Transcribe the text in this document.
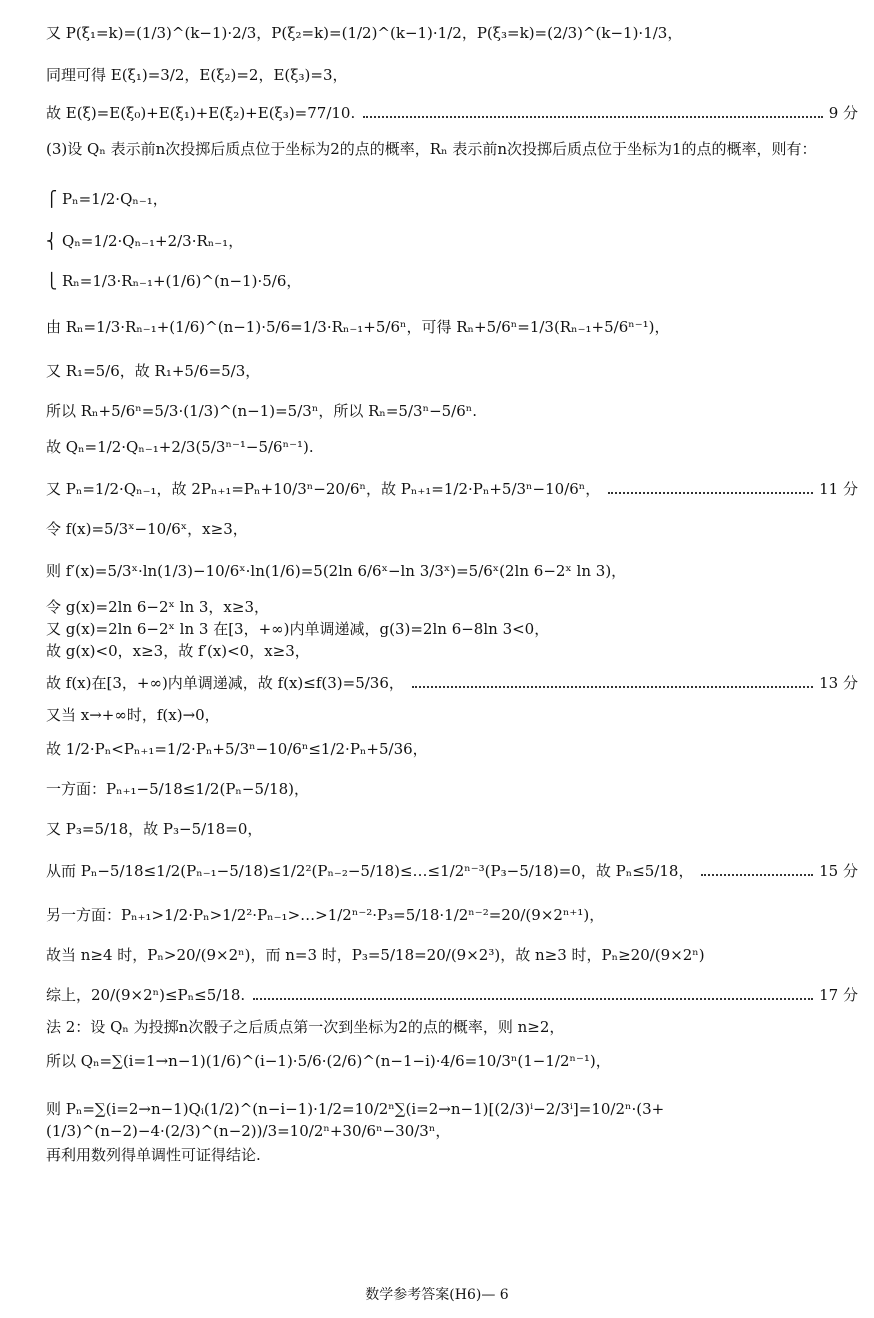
又 P(ξ₁=k)=(1/3)^(k−1)·2/3，P(ξ₂=k)=(1/2)^(k−1)·1/2，P(ξ₃=k)=(2/3)^(k−1)·1/3，
同理可得 E(ξ₁)=3/2，E(ξ₂)=2，E(ξ₃)=3，
故 E(ξ)=E(ξ₀)+E(ξ₁)+E(ξ₂)+E(ξ₃)=77/10.	9 分
(3)设 Qₙ 表示前n次投掷后质点位于坐标为2的点的概率，Rₙ 表示前n次投掷后质点位于坐标为1的点的概率，则有：
⎧ Pₙ=1/2·Qₙ₋₁，
⎨ Qₙ=1/2·Qₙ₋₁+2/3·Rₙ₋₁，
⎩ Rₙ=1/3·Rₙ₋₁+(1/6)^(n−1)·5/6，
由 Rₙ=1/3·Rₙ₋₁+(1/6)^(n−1)·5/6=1/3·Rₙ₋₁+5/6ⁿ，可得 Rₙ+5/6ⁿ=1/3(Rₙ₋₁+5/6ⁿ⁻¹)，
又 R₁=5/6，故 R₁+5/6=5/3，
所以 Rₙ+5/6ⁿ=5/3·(1/3)^(n−1)=5/3ⁿ，所以 Rₙ=5/3ⁿ−5/6ⁿ.
故 Qₙ=1/2·Qₙ₋₁+2/3(5/3ⁿ⁻¹−5/6ⁿ⁻¹).
又 Pₙ=1/2·Qₙ₋₁，故 2Pₙ₊₁=Pₙ+10/3ⁿ−20/6ⁿ，故 Pₙ₊₁=1/2·Pₙ+5/3ⁿ−10/6ⁿ，	11 分
令 f(x)=5/3ˣ−10/6ˣ，x≥3，
则 f′(x)=5/3ˣ·ln(1/3)−10/6ˣ·ln(1/6)=5(2ln 6/6ˣ−ln 3/3ˣ)=5/6ˣ(2ln 6−2ˣ ln 3)，
令 g(x)=2ln 6−2ˣ ln 3，x≥3，
又 g(x)=2ln 6−2ˣ ln 3 在[3，+∞)内单调递减，g(3)=2ln 6−8ln 3<0，
故 g(x)<0，x≥3，故 f′(x)<0，x≥3，
故 f(x)在[3，+∞)内单调递减，故 f(x)≤f(3)=5/36，	13 分
又当 x→+∞时，f(x)→0，
故 1/2·Pₙ<Pₙ₊₁=1/2·Pₙ+5/3ⁿ−10/6ⁿ≤1/2·Pₙ+5/36，
一方面：Pₙ₊₁−5/18≤1/2(Pₙ−5/18)，
又 P₃=5/18，故 P₃−5/18=0，
从而 Pₙ−5/18≤1/2(Pₙ₋₁−5/18)≤1/2²(Pₙ₋₂−5/18)≤…≤1/2ⁿ⁻³(P₃−5/18)=0，故 Pₙ≤5/18，	15 分
另一方面：Pₙ₊₁>1/2·Pₙ>1/2²·Pₙ₋₁>…>1/2ⁿ⁻²·P₃=5/18·1/2ⁿ⁻²=20/(9×2ⁿ⁺¹)，
故当 n≥4 时，Pₙ>20/(9×2ⁿ)，而 n=3 时，P₃=5/18=20/(9×2³)，故 n≥3 时，Pₙ≥20/(9×2ⁿ)
综上，20/(9×2ⁿ)≤Pₙ≤5/18.	17 分
法 2：设 Qₙ 为投掷n次骰子之后质点第一次到坐标为2的点的概率，则 n≥2，
所以 Qₙ=∑(i=1→n−1)(1/6)^(i−1)·5/6·(2/6)^(n−1−i)·4/6=10/3ⁿ(1−1/2ⁿ⁻¹)，
则 Pₙ=∑(i=2→n−1)Qᵢ(1/2)^(n−i−1)·1/2=10/2ⁿ∑(i=2→n−1)[(2/3)ⁱ−2/3ⁱ]=10/2ⁿ·(3+(1/3)^(n−2)−4·(2/3)^(n−2))/3=10/2ⁿ+30/6ⁿ−30/3ⁿ，
再利用数列得单调性可证得结论.
数学参考答案(H6)— 6
